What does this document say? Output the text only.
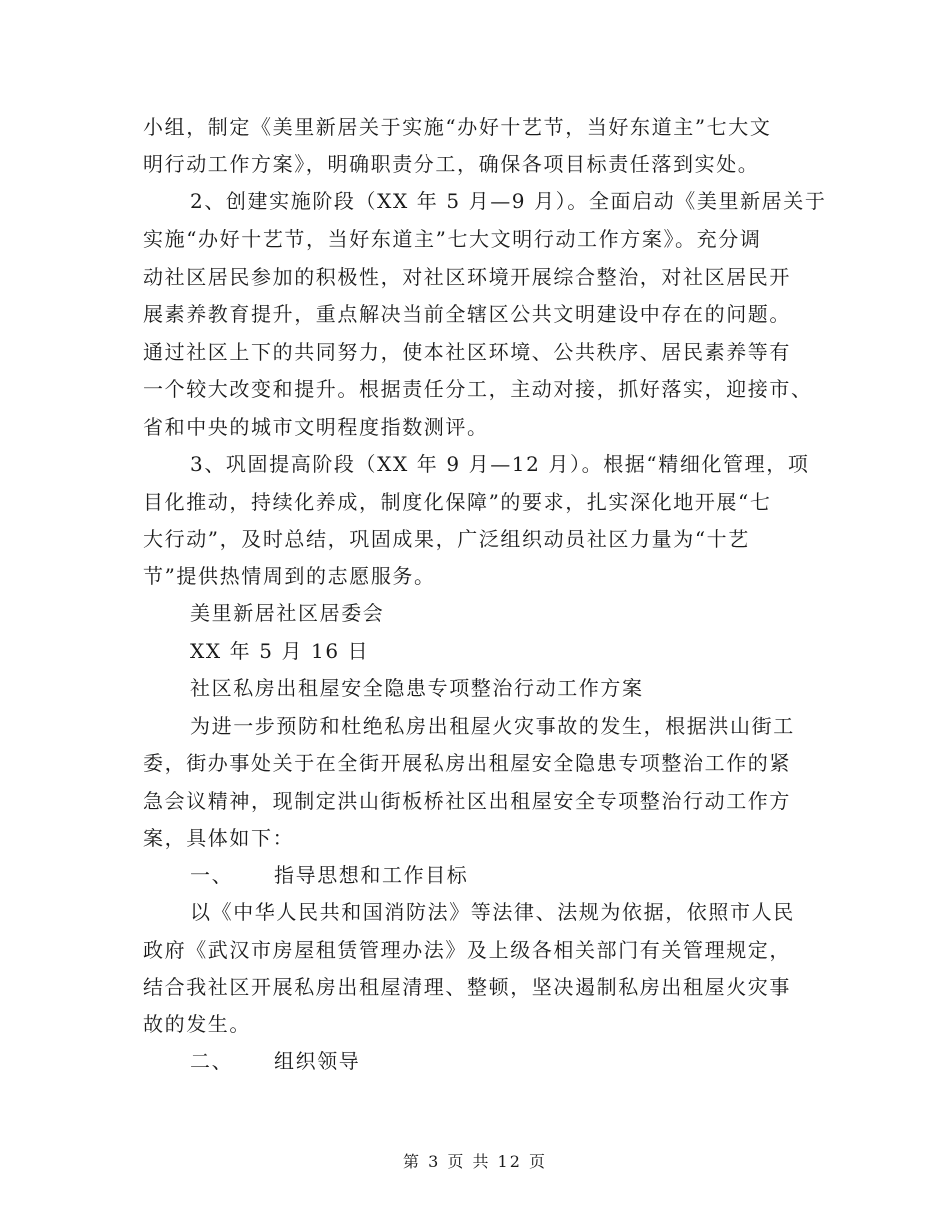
小组，制定《美里新居关于实施“办好十艺节，当好东道主”七大文
明行动工作方案》，明确职责分工，确保各项目标责任落到实处。
2、创建实施阶段（XX 年 5 月—9 月）。全面启动《美里新居关于
实施“办好十艺节，当好东道主”七大文明行动工作方案》。充分调
动社区居民参加的积极性，对社区环境开展综合整治，对社区居民开
展素养教育提升，重点解决当前全辖区公共文明建设中存在的问题。
通过社区上下的共同努力，使本社区环境、公共秩序、居民素养等有
一个较大改变和提升。根据责任分工，主动对接，抓好落实，迎接市、
省和中央的城市文明程度指数测评。
3、巩固提高阶段（XX 年 9 月—12 月）。根据“精细化管理，项
目化推动，持续化养成，制度化保障”的要求，扎实深化地开展“七
大行动”，及时总结，巩固成果，广泛组织动员社区力量为“十艺
节”提供热情周到的志愿服务。
美里新居社区居委会
XX 年 5 月 16 日
社区私房出租屋安全隐患专项整治行动工作方案
为进一步预防和杜绝私房出租屋火灾事故的发生，根据洪山街工
委，街办事处关于在全街开展私房出租屋安全隐患专项整治工作的紧
急会议精神，现制定洪山街板桥社区出租屋安全专项整治行动工作方
案，具体如下：
一、 指导思想和工作目标
以《中华人民共和国消防法》等法律、法规为依据，依照市人民
政府《武汉市房屋租赁管理办法》及上级各相关部门有关管理规定，
结合我社区开展私房出租屋清理、整顿，坚决遏制私房出租屋火灾事
故的发生。
二、 组织领导
第 3 页 共 12 页
